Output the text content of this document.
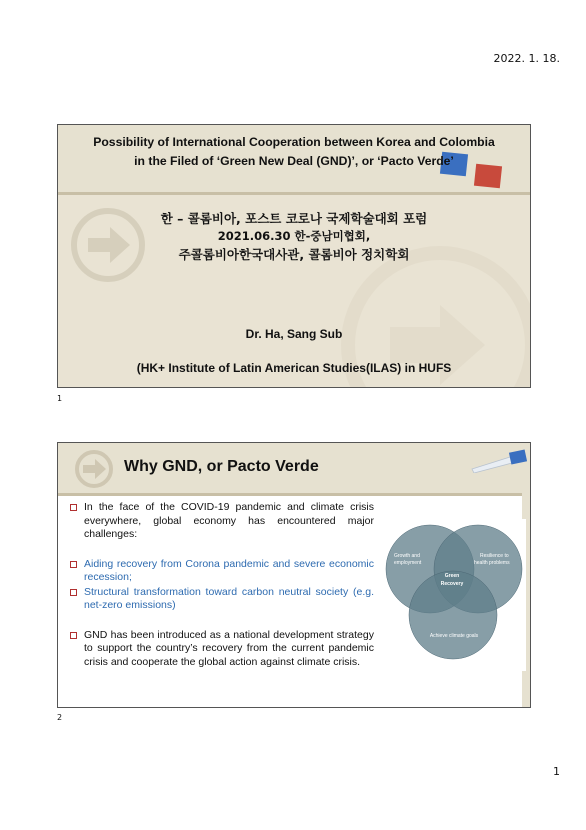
2022. 1. 18.
Possibility of International Cooperation between Korea and Colombia
in the Filed of ‘Green New Deal (GND)’, or ‘Pacto Verde’
한 – 콜롬비아, 포스트 코로나 국제학술대회 포럼
2021.06.30 한-중남미협회,
주콜롬비아한국대사관, 콜롬비아 정치학회
Dr. Ha, Sang Sub
(HK+ Institute of Latin American Studies(ILAS) in HUFS
1
Why GND, or Pacto Verde
In the face of the COVID-19 pandemic and climate crisis everywhere, global economy has encountered major challenges:
Aiding recovery from Corona pandemic and severe economic recession;
Structural transformation toward carbon neutral society (e.g. net-zero emissions)
GND has been introduced as a national development strategy to support the country’s recovery from the current pandemic crisis and cooperate the global action against climate crisis.
Growth and
employment
Resilience to
health problems
Green
Recovery
Achieve climate goals
2
1
